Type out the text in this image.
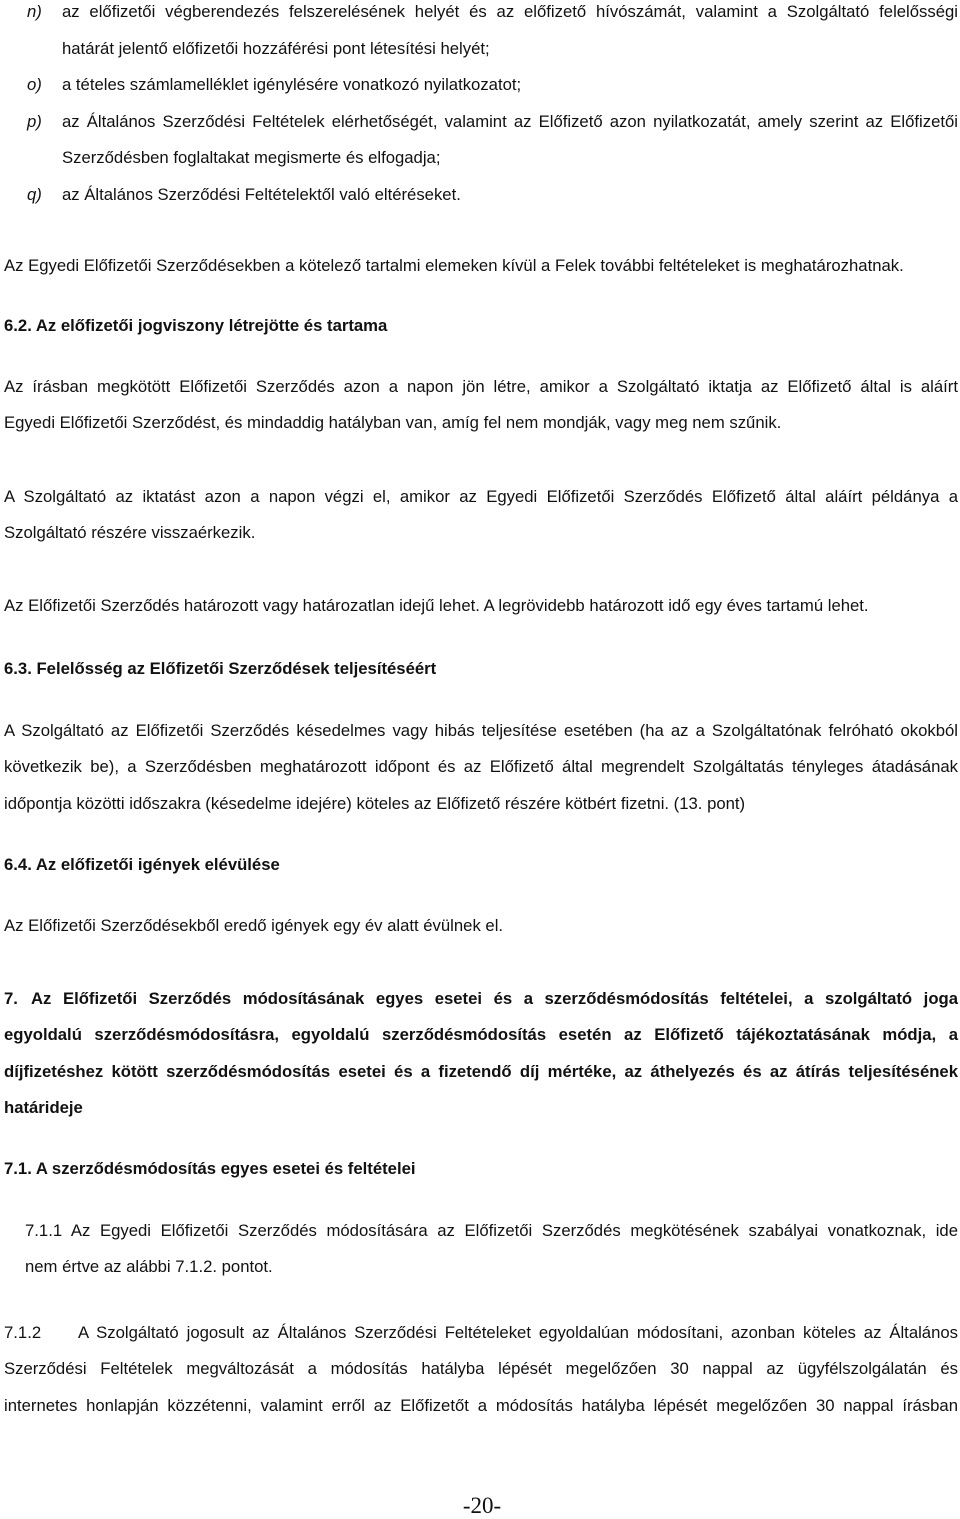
n) az előfizetői végberendezés felszerelésének helyét és az előfizető hívószámát, valamint a Szolgáltató felelősségi
határát jelentő előfizetői hozzáférési pont létesítési helyét;
o) a tételes számlamelléklet igénylésére vonatkozó nyilatkozatot;
p) az Általános Szerződési Feltételek elérhetőségét, valamint az Előfizető azon nyilatkozatát, amely szerint az Előfizetői
Szerződésben foglaltakat megismerte és elfogadja;
q) az Általános Szerződési Feltételektől való eltéréseket.
Az Egyedi Előfizetői Szerződésekben a kötelező tartalmi elemeken kívül a Felek további feltételeket is meghatározhatnak.
6.2. Az előfizetői jogviszony létrejötte és tartama
Az írásban megkötött Előfizetői Szerződés azon a napon jön létre, amikor a Szolgáltató iktatja az Előfizető által is aláírt
Egyedi Előfizetői Szerződést, és mindaddig hatályban van, amíg fel nem mondják, vagy meg nem szűnik.
A Szolgáltató az iktatást azon a napon végzi el, amikor az Egyedi Előfizetői Szerződés Előfizető által aláírt példánya a
Szolgáltató részére visszaérkezik.
Az Előfizetői Szerződés határozott vagy határozatlan idejű lehet. A legrövidebb határozott idő egy éves tartamú lehet.
6.3. Felelősség az Előfizetői Szerződések teljesítéséért
A Szolgáltató az Előfizetői Szerződés késedelmes vagy hibás teljesítése esetében (ha az a Szolgáltatónak felróható okokból
következik be), a Szerződésben meghatározott időpont és az Előfizető által megrendelt Szolgáltatás tényleges átadásának
időpontja közötti időszakra (késedelme idejére) köteles az Előfizető részére kötbért fizetni. (13. pont)
6.4. Az előfizetői igények elévülése
Az Előfizetői Szerződésekből eredő igények egy év alatt évülnek el.
7. Az Előfizetői Szerződés módosításának egyes esetei és a szerződésmódosítás feltételei, a szolgáltató joga
egyoldalú szerződésmódosításra, egyoldalú szerződésmódosítás esetén az Előfizető tájékoztatásának módja, a
díjfizetéshez kötött szerződésmódosítás esetei és a fizetendő díj mértéke, az áthelyezés és az átírás teljesítésének
határideje
7.1. A szerződésmódosítás egyes esetei és feltételei
7.1.1 Az Egyedi Előfizetői Szerződés módosítására az Előfizetői Szerződés megkötésének szabályai vonatkoznak, ide
nem értve az alábbi 7.1.2. pontot.
7.1.2 A Szolgáltató jogosult az Általános Szerződési Feltételeket egyoldalúan módosítani, azonban köteles az Általános
Szerződési Feltételek megváltozását a módosítás hatályba lépését megelőzően 30 nappal az ügyfélszolgálatán és
internetes honlapján közzétenni, valamint erről az Előfizetőt a módosítás hatályba lépését megelőzően 30 nappal írásban
-20-
